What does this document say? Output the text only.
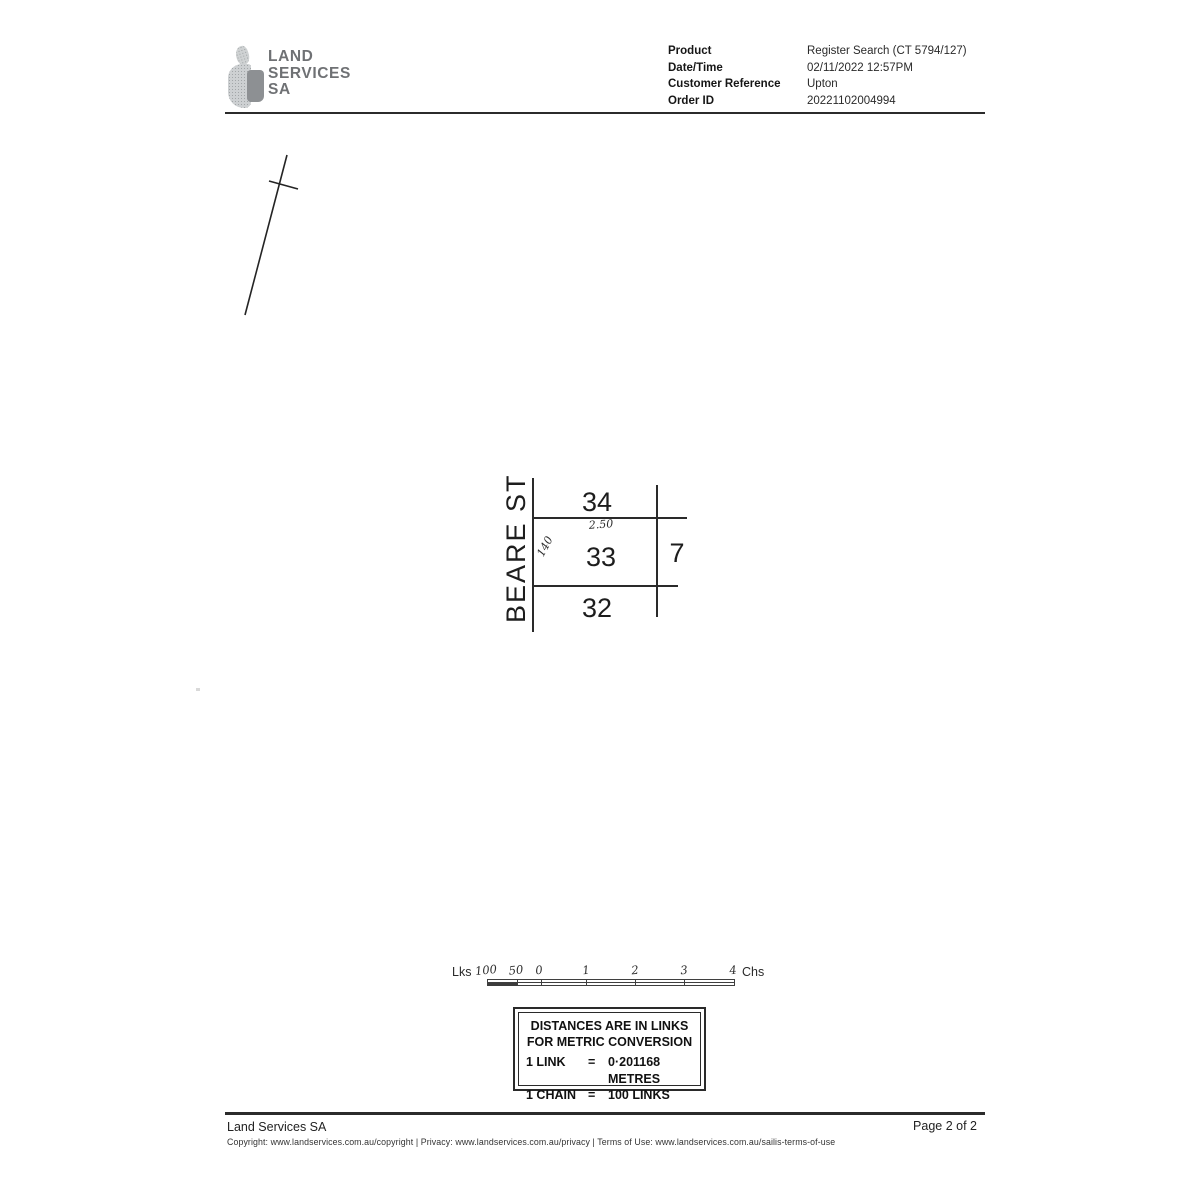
LAND
SERVICES
SA
Product	Register Search (CT 5794/127)
Date/Time	02/11/2022 12:57PM
Customer Reference	Upton
Order ID	20221102004994
BEARE ST	34
33
32
7
2.50
140
Lks 100 50 0	1	2	3	4 Chs
DISTANCES ARE IN LINKS
FOR METRIC CONVERSION
1 LINK	=	0·201168 METRES
1 CHAIN =	100 LINKS
Land Services SA	Page 2 of 2
Copyright: www.landservices.com.au/copyright | Privacy: www.landservices.com.au/privacy | Terms of Use: www.landservices.com.au/sailis-terms-of-use
